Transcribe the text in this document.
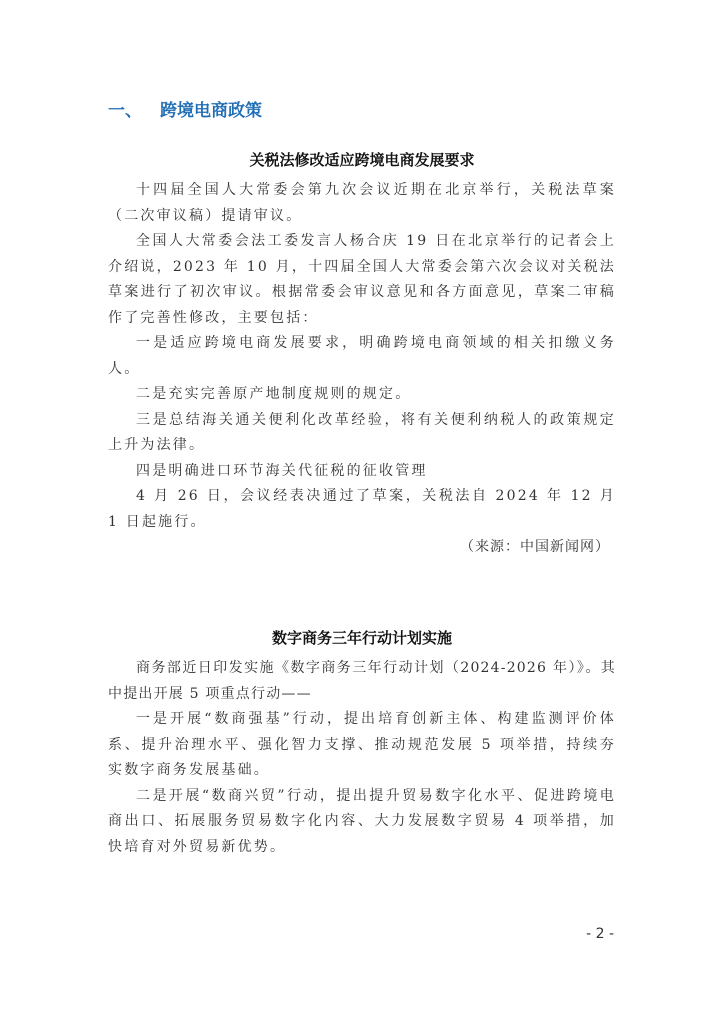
一、 跨境电商政策
关税法修改适应跨境电商发展要求

十四届全国人大常委会第九次会议近期在北京举行，关税法草案（二次审议稿）提请审议。

全国人大常委会法工委发言人杨合庆 19 日在北京举行的记者会上介绍说，2023 年 10 月，十四届全国人大常委会第六次会议对关税法草案进行了初次审议。根据常委会审议意见和各方面意见，草案二审稿作了完善性修改，主要包括：

一是适应跨境电商发展要求，明确跨境电商领域的相关扣缴义务人。

二是充实完善原产地制度规则的规定。

三是总结海关通关便利化改革经验，将有关便利纳税人的政策规定上升为法律。

四是明确进口环节海关代征税的征收管理

4 月 26 日，会议经表决通过了草案，关税法自 2024 年 12 月 1 日起施行。

（来源：中国新闻网）

数字商务三年行动计划实施

商务部近日印发实施《数字商务三年行动计划（2024-2026 年）》。其中提出开展 5 项重点行动——

一是开展“数商强基”行动，提出培育创新主体、构建监测评价体系、提升治理水平、强化智力支撑、推动规范发展 5 项举措，持续夯实数字商务发展基础。

二是开展“数商兴贸”行动，提出提升贸易数字化水平、促进跨境电商出口、拓展服务贸易数字化内容、大力发展数字贸易 4 项举措，加快培育对外贸易新优势。

- 2 -
